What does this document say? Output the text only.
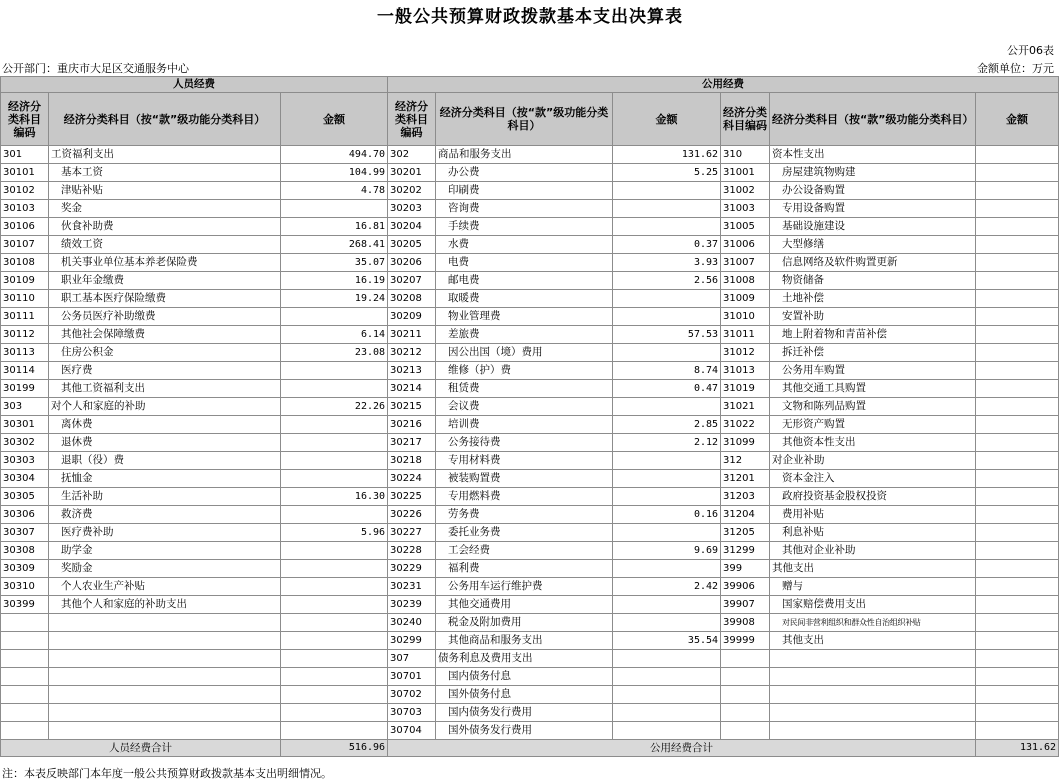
一般公共预算财政拨款基本支出决算表
公开06表
公开部门：重庆市大足区交通服务中心	金额单位：万元
人员经费			公用经费					
经济分类科目编码	经济分类科目（按“款”级功能分类科目）	金额	经济分类科目编码	经济分类科目（按“款”级功能分类科目）	金额	经济分类科目编码	经济分类科目（按“款”级功能分类科目）	金额
301	工资福利支出	494.70	302	商品和服务支出	131.62	310	资本性支出	
30101	基本工资	104.99	30201	办公费	5.25	31001	房屋建筑物购建	
30102	津贴补贴	4.78	30202	印刷费		31002	办公设备购置	
30103	奖金		30203	咨询费		31003	专用设备购置	
30106	伙食补助费	16.81	30204	手续费		31005	基础设施建设	
30107	绩效工资	268.41	30205	水费	0.37	31006	大型修缮	
30108	机关事业单位基本养老保险费	35.07	30206	电费	3.93	31007	信息网络及软件购置更新	
30109	职业年金缴费	16.19	30207	邮电费	2.56	31008	物资储备	
30110	职工基本医疗保险缴费	19.24	30208	取暖费		31009	土地补偿	
30111	公务员医疗补助缴费		30209	物业管理费		31010	安置补助	
30112	其他社会保障缴费	6.14	30211	差旅费	57.53	31011	地上附着物和青苗补偿	
30113	住房公积金	23.08	30212	因公出国（境）费用		31012	拆迁补偿	
30114	医疗费		30213	维修（护）费	8.74	31013	公务用车购置	
30199	其他工资福利支出		30214	租赁费	0.47	31019	其他交通工具购置	
303	对个人和家庭的补助	22.26	30215	会议费		31021	文物和陈列品购置	
30301	离休费		30216	培训费	2.85	31022	无形资产购置	
30302	退休费		30217	公务接待费	2.12	31099	其他资本性支出	
30303	退职（役）费		30218	专用材料费		312	对企业补助	
30304	抚恤金		30224	被装购置费		31201	资本金注入	
30305	生活补助	16.30	30225	专用燃料费		31203	政府投资基金股权投资	
30306	救济费		30226	劳务费	0.16	31204	费用补贴	
30307	医疗费补助	5.96	30227	委托业务费		31205	利息补贴	
30308	助学金		30228	工会经费	9.69	31299	其他对企业补助	
30309	奖励金		30229	福利费		399	其他支出	
30310	个人农业生产补贴		30231	公务用车运行维护费	2.42	39906	赠与	
30399	其他个人和家庭的补助支出		30239	其他交通费用		39907	国家赔偿费用支出	
			30240	税金及附加费用		39908	对民间非营利组织和群众性自治组织补贴	
			30299	其他商品和服务支出	35.54	39999	其他支出	
			307	债务利息及费用支出				
			30701	国内债务付息				
			30702	国外债务付息				
			30703	国内债务发行费用				
			30704	国外债务发行费用				
人员经费合计		516.96	公用经费合计					131.62
注：本表反映部门本年度一般公共预算财政拨款基本支出明细情况。
